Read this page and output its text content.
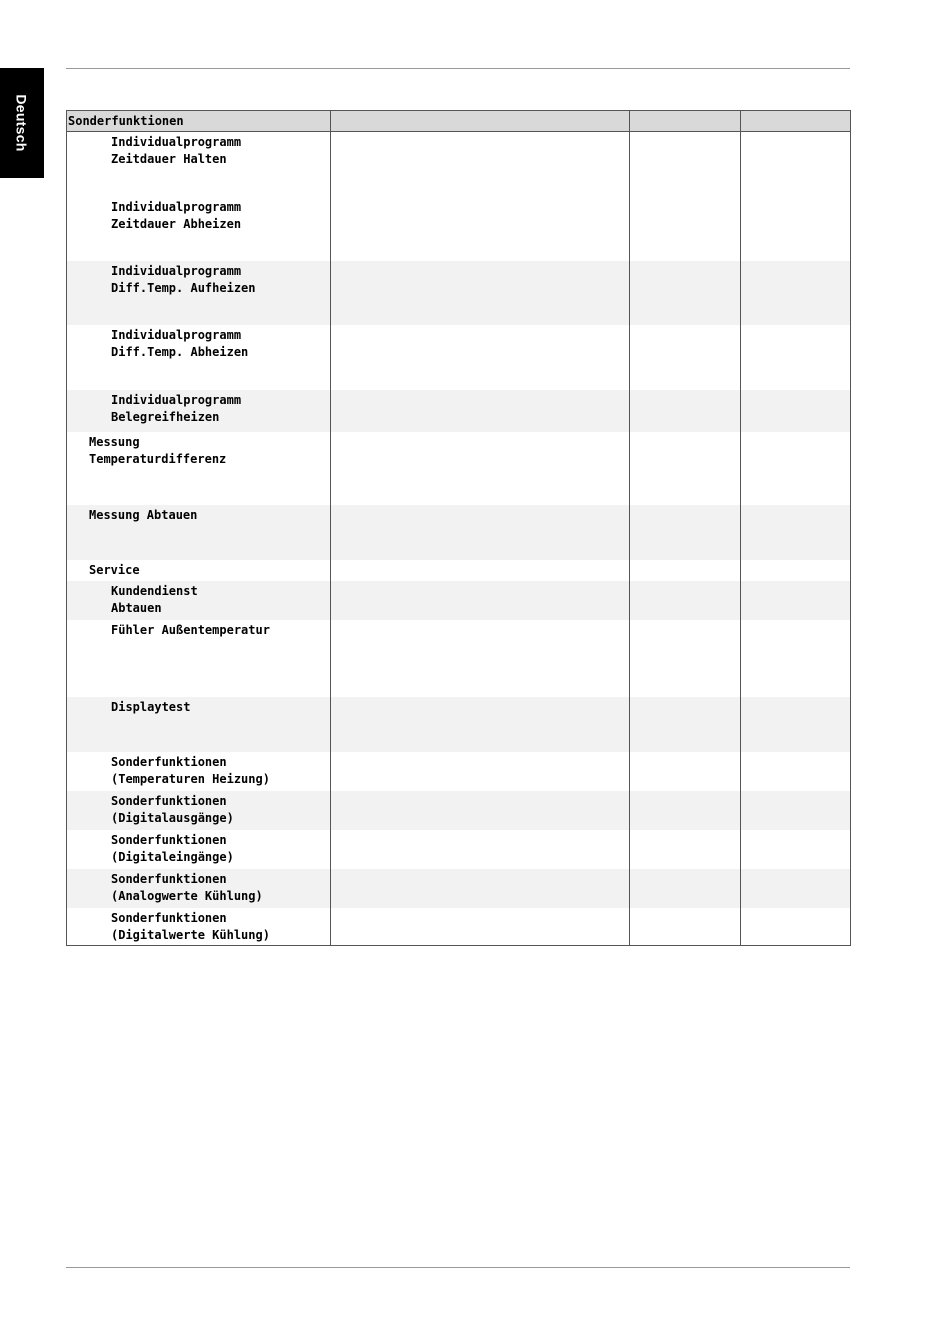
Deutsch	Sonderfunktionen			

Individualprogramm
Zeitdauer Halten			

Individualprogramm
Zeitdauer Abheizen			

Individualprogramm
Diff.Temp. Aufheizen			

Individualprogramm
Diff.Temp. Abheizen			

Individualprogramm
Belegreifheizen			

Messung
Temperaturdifferenz			

Messung Abtauen			

Service			

Kundendienst
Abtauen			

Fühler Außentemperatur			

Displaytest			

Sonderfunktionen
(Temperaturen Heizung)			

Sonderfunktionen
(Digitalausgänge)			

Sonderfunktionen
(Digitaleingänge)			

Sonderfunktionen
(Analogwerte Kühlung)			

Sonderfunktionen
(Digitalwerte Kühlung)			
